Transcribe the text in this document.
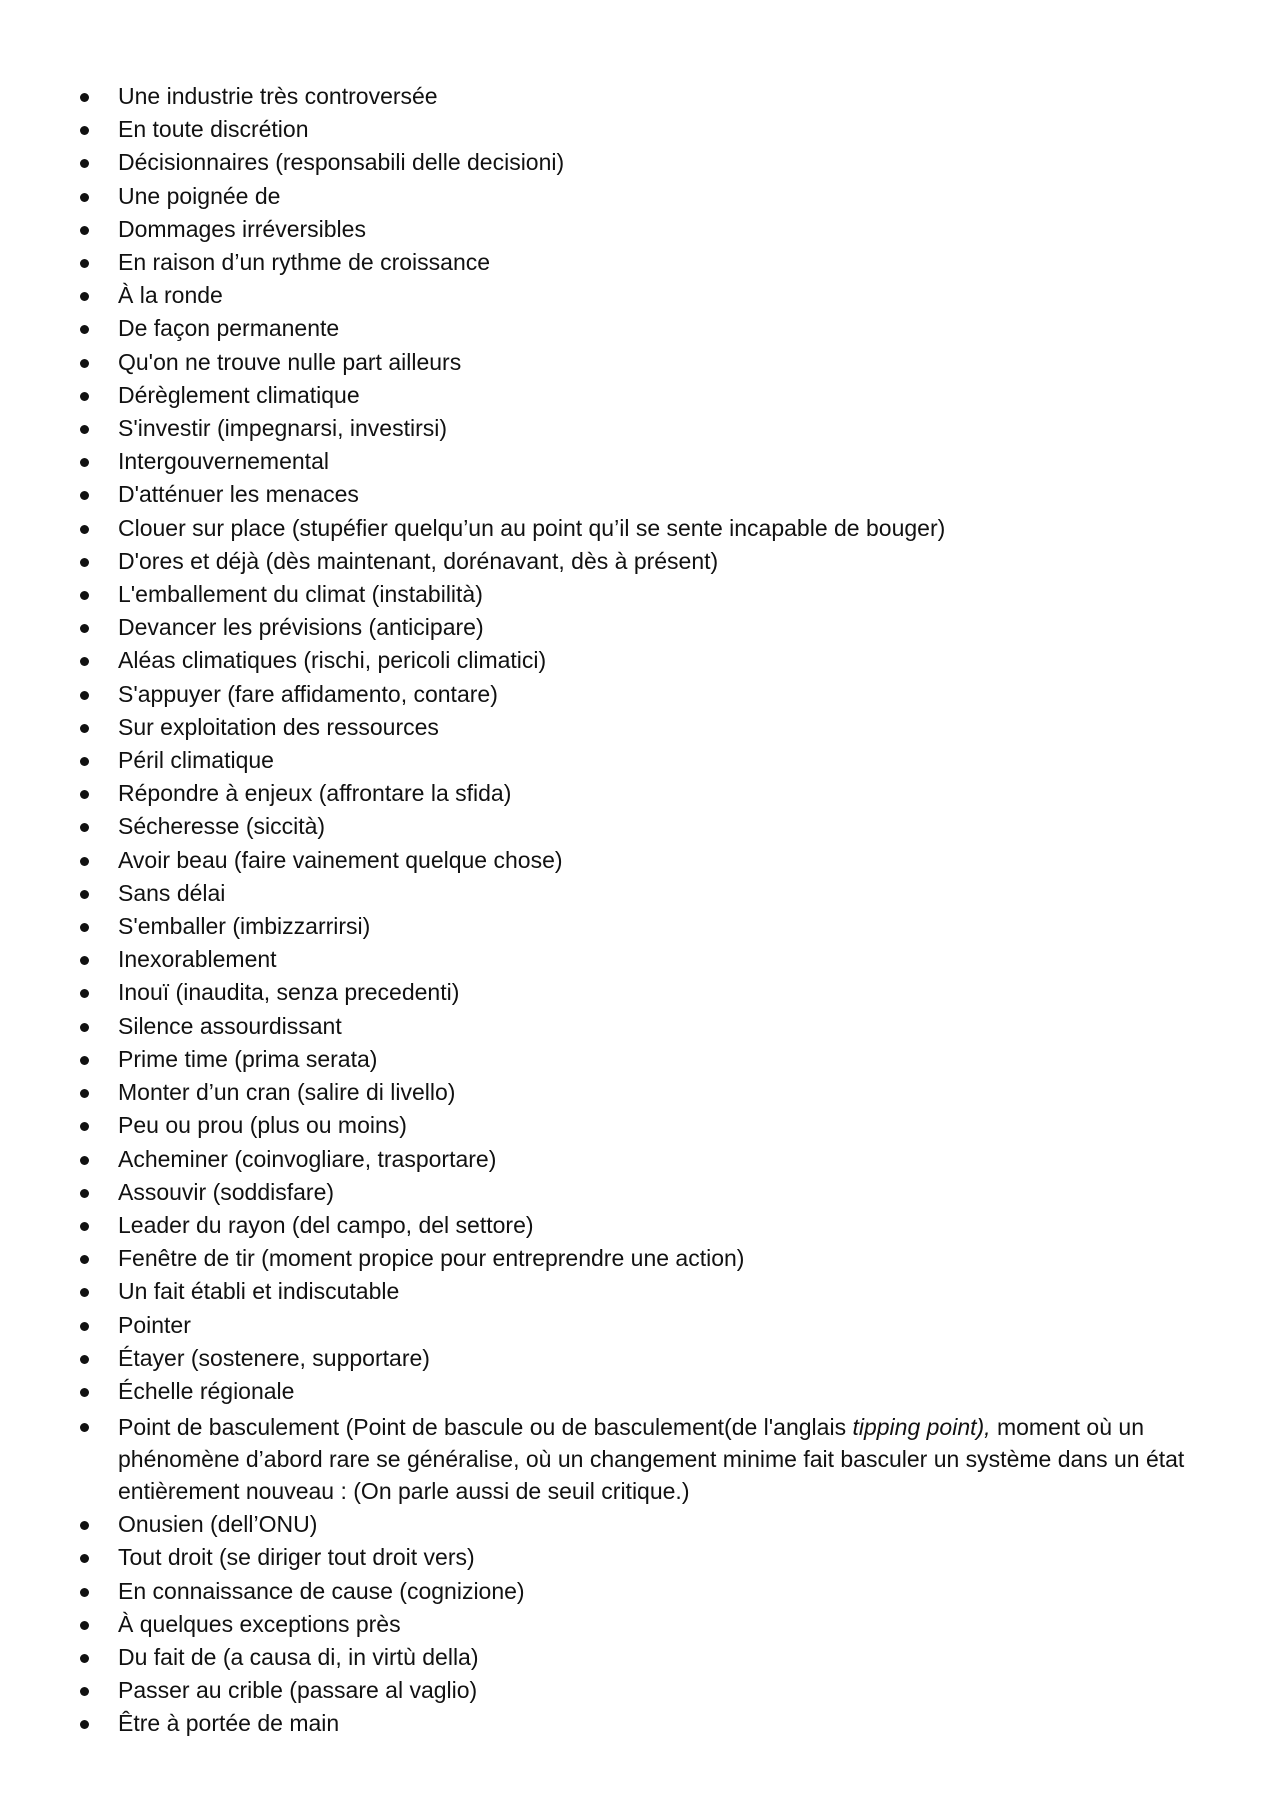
Une industrie très controversée
En toute discrétion
Décisionnaires (responsabili delle decisioni)
Une poignée de
Dommages irréversibles
En raison d’un rythme de croissance
À la ronde
De façon permanente
Qu'on ne trouve nulle part ailleurs
Dérèglement climatique
S'investir (impegnarsi, investirsi)
Intergouvernemental
D'atténuer les menaces
Clouer sur place (stupéfier quelqu’un au point qu’il se sente incapable de bouger)
D'ores et déjà (dès maintenant, dorénavant, dès à présent)
L'emballement du climat (instabilità)
Devancer les prévisions (anticipare)
Aléas climatiques (rischi, pericoli climatici)
S'appuyer (fare affidamento, contare)
Sur exploitation des ressources
Péril climatique
Répondre à enjeux (affrontare la sfida)
Sécheresse (siccità)
Avoir beau (faire vainement quelque chose)
Sans délai
S'emballer (imbizzarrirsi)
Inexorablement
Inouï (inaudita, senza precedenti)
Silence assourdissant
Prime time (prima serata)
Monter d’un cran (salire di livello)
Peu ou prou (plus ou moins)
Acheminer (coinvogliare, trasportare)
Assouvir (soddisfare)
Leader du rayon (del campo, del settore)
Fenêtre de tir (moment propice pour entreprendre une action)
Un fait établi et indiscutable
Pointer
Étayer (sostenere, supportare)
Échelle régionale
Point de basculement (Point de bascule ou de basculement(de l'anglais tipping point), moment où un phénomène d’abord rare se généralise, où un changement minime fait basculer un système dans un état entièrement nouveau : (On parle aussi de seuil critique.)
Onusien (dell’ONU)
Tout droit (se diriger tout droit vers)
En connaissance de cause (cognizione)
À quelques exceptions près
Du fait de (a causa di, in virtù della)
Passer au crible (passare al vaglio)
Être à portée de main
